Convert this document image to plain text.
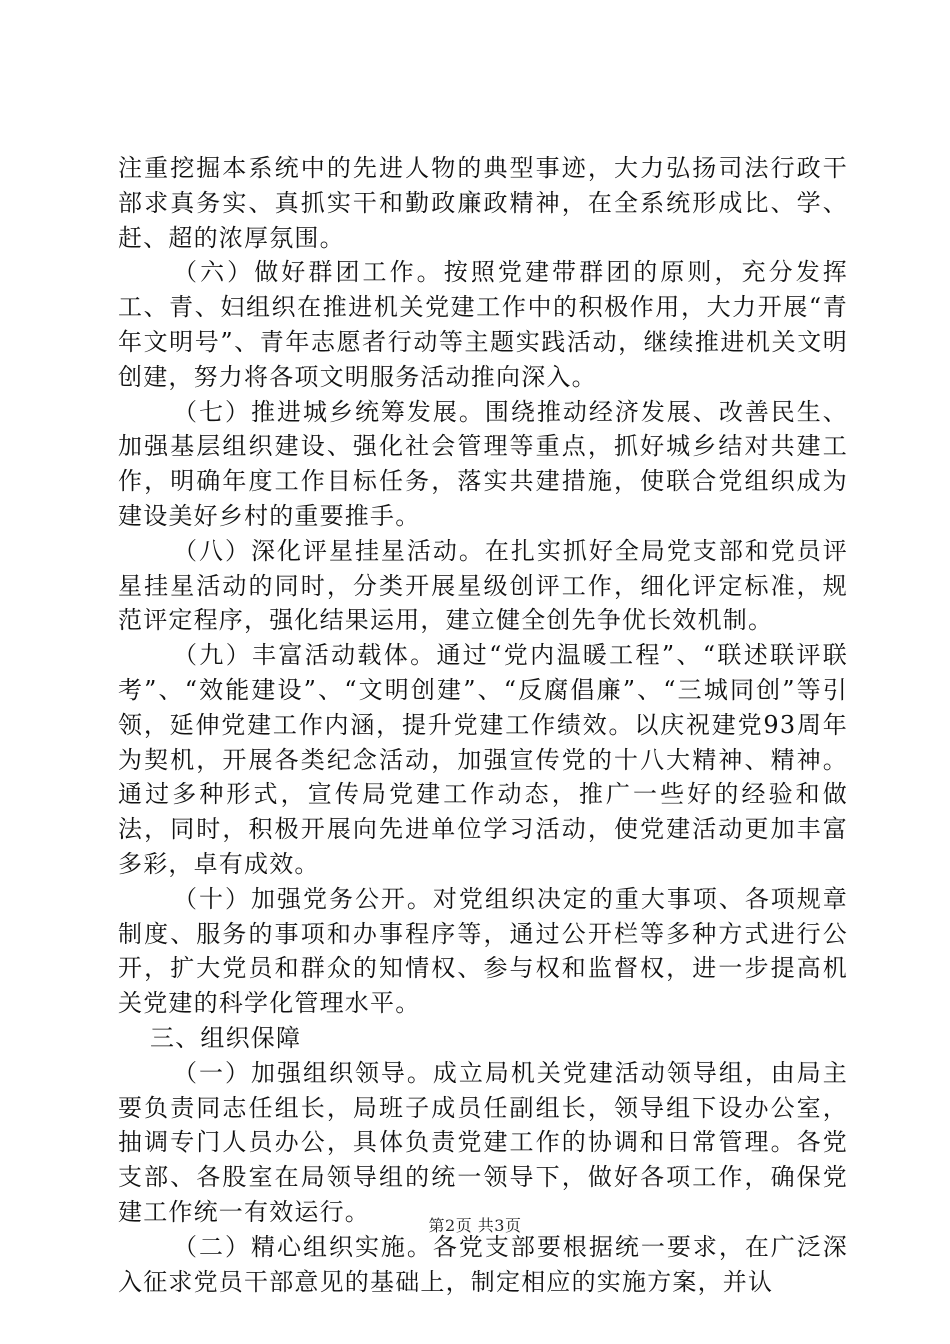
注重挖掘本系统中的先进人物的典型事迹，大力弘扬司法行政干部求真务实、真抓实干和勤政廉政精神，在全系统形成比、学、赶、超的浓厚氛围。

（六）做好群团工作。按照党建带群团的原则，充分发挥工、青、妇组织在推进机关党建工作中的积极作用，大力开展“青年文明号”、青年志愿者行动等主题实践活动，继续推进机关文明创建，努力将各项文明服务活动推向深入。

（七）推进城乡统筹发展。围绕推动经济发展、改善民生、加强基层组织建设、强化社会管理等重点，抓好城乡结对共建工作，明确年度工作目标任务，落实共建措施，使联合党组织成为建设美好乡村的重要推手。

（八）深化评星挂星活动。在扎实抓好全局党支部和党员评星挂星活动的同时，分类开展星级创评工作，细化评定标准，规范评定程序，强化结果运用，建立健全创先争优长效机制。

（九）丰富活动载体。通过“党内温暖工程”、“联述联评联考”、“效能建设”、“文明创建”、“反腐倡廉”、“三城同创”等引领，延伸党建工作内涵，提升党建工作绩效。以庆祝建党93周年为契机，开展各类纪念活动，加强宣传党的十八大精神、精神。通过多种形式，宣传局党建工作动态，推广一些好的经验和做法，同时，积极开展向先进单位学习活动，使党建活动更加丰富多彩，卓有成效。

（十）加强党务公开。对党组织决定的重大事项、各项规章制度、服务的事项和办事程序等，通过公开栏等多种方式进行公开，扩大党员和群众的知情权、参与权和监督权，进一步提高机关党建的科学化管理水平。

三、组织保障

（一）加强组织领导。成立局机关党建活动领导组，由局主要负责同志任组长，局班子成员任副组长，领导组下设办公室，抽调专门人员办公，具体负责党建工作的协调和日常管理。各党支部、各股室在局领导组的统一领导下，做好各项工作，确保党建工作统一有效运行。

（二）精心组织实施。各党支部要根据统一要求，在广泛深入征求党员干部意见的基础上，制定相应的实施方案，并认

第2页 共3页
